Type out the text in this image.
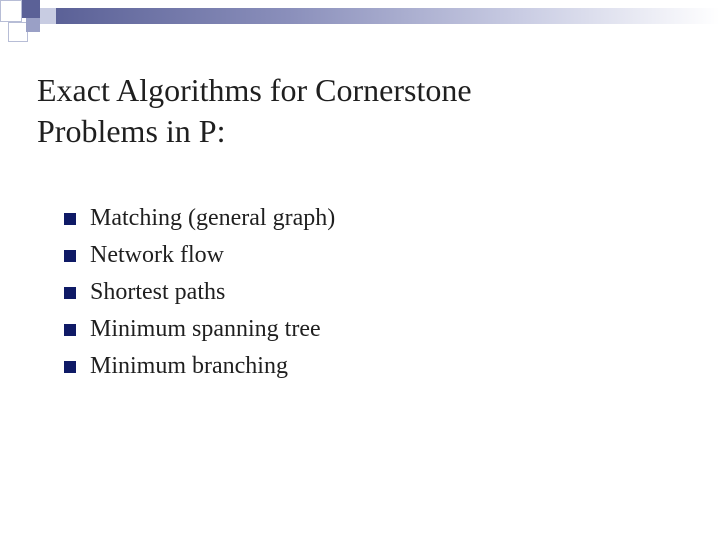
Exact Algorithms for Cornerstone
Problems in P:
Matching (general graph)
Network flow
Shortest paths
Minimum spanning tree
Minimum branching
